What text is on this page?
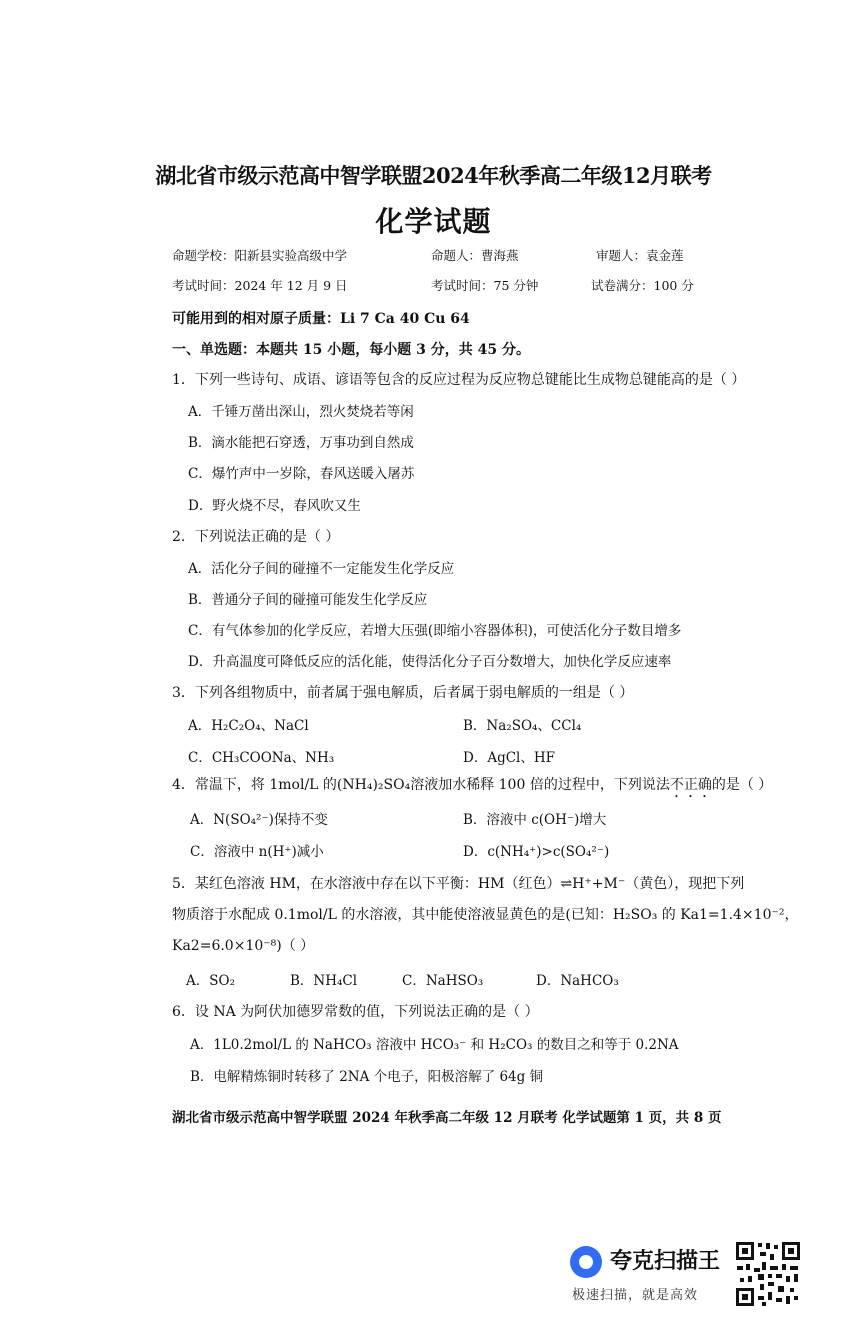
湖北省市级示范高中智学联盟2024年秋季高二年级12月联考
化学试题
命题学校：阳新县实验高级中学	命题人：曹海燕	审题人：袁金莲
考试时间：2024 年 12 月 9 日	考试时间：75 分钟	试卷满分：100 分
可能用到的相对原子质量：Li 7 Ca 40 Cu 64
一、单选题：本题共 15 小题，每小题 3 分，共 45 分。
1．下列一些诗句、成语、谚语等包含的反应过程为反应物总键能比生成物总键能高的是（ ）
A．千锤万凿出深山，烈火焚烧若等闲
B．滴水能把石穿透，万事功到自然成
C．爆竹声中一岁除，春风送暖入屠苏
D．野火烧不尽，春风吹又生
2．下列说法正确的是（ ）
A．活化分子间的碰撞不一定能发生化学反应
B．普通分子间的碰撞可能发生化学反应
C．有气体参加的化学反应，若增大压强(即缩小容器体积)，可使活化分子数目增多
D．升高温度可降低反应的活化能，使得活化分子百分数增大，加快化学反应速率
3．下列各组物质中，前者属于强电解质，后者属于弱电解质的一组是（ ）
A．H₂C₂O₄、NaCl	B．Na₂SO₄、CCl₄
C．CH₃COONa、NH₃	D．AgCl、HF
4．常温下，将 1mol/L 的(NH₄)₂SO₄溶液加水稀释 100 倍的过程中，下列说法不正确的是（ ）
A．N(SO₄²⁻)保持不变	B．溶液中 c(OH⁻)增大
C．溶液中 n(H⁺)减小	D．c(NH₄⁺)>c(SO₄²⁻)
5．某红色溶液 HM，在水溶液中存在以下平衡：HM（红色）⇌H⁺+M⁻（黄色），现把下列
物质溶于水配成 0.1mol/L 的水溶液，其中能使溶液显黄色的是(已知：H₂SO₃ 的 Ka1=1.4×10⁻²，
Ka2=6.0×10⁻⁸)（ ）
A．SO₂	B．NH₄Cl	C．NaHSO₃	D．NaHCO₃
6．设 NA 为阿伏加德罗常数的值，下列说法正确的是（ ）
A．1L0.2mol/L 的 NaHCO₃ 溶液中 HCO₃⁻ 和 H₂CO₃ 的数目之和等于 0.2NA
B．电解精炼铜时转移了 2NA 个电子，阳极溶解了 64g 铜
湖北省市级示范高中智学联盟 2024 年秋季高二年级 12 月联考 化学试题第 1 页，共 8 页
夸克扫描王
极速扫描，就是高效
